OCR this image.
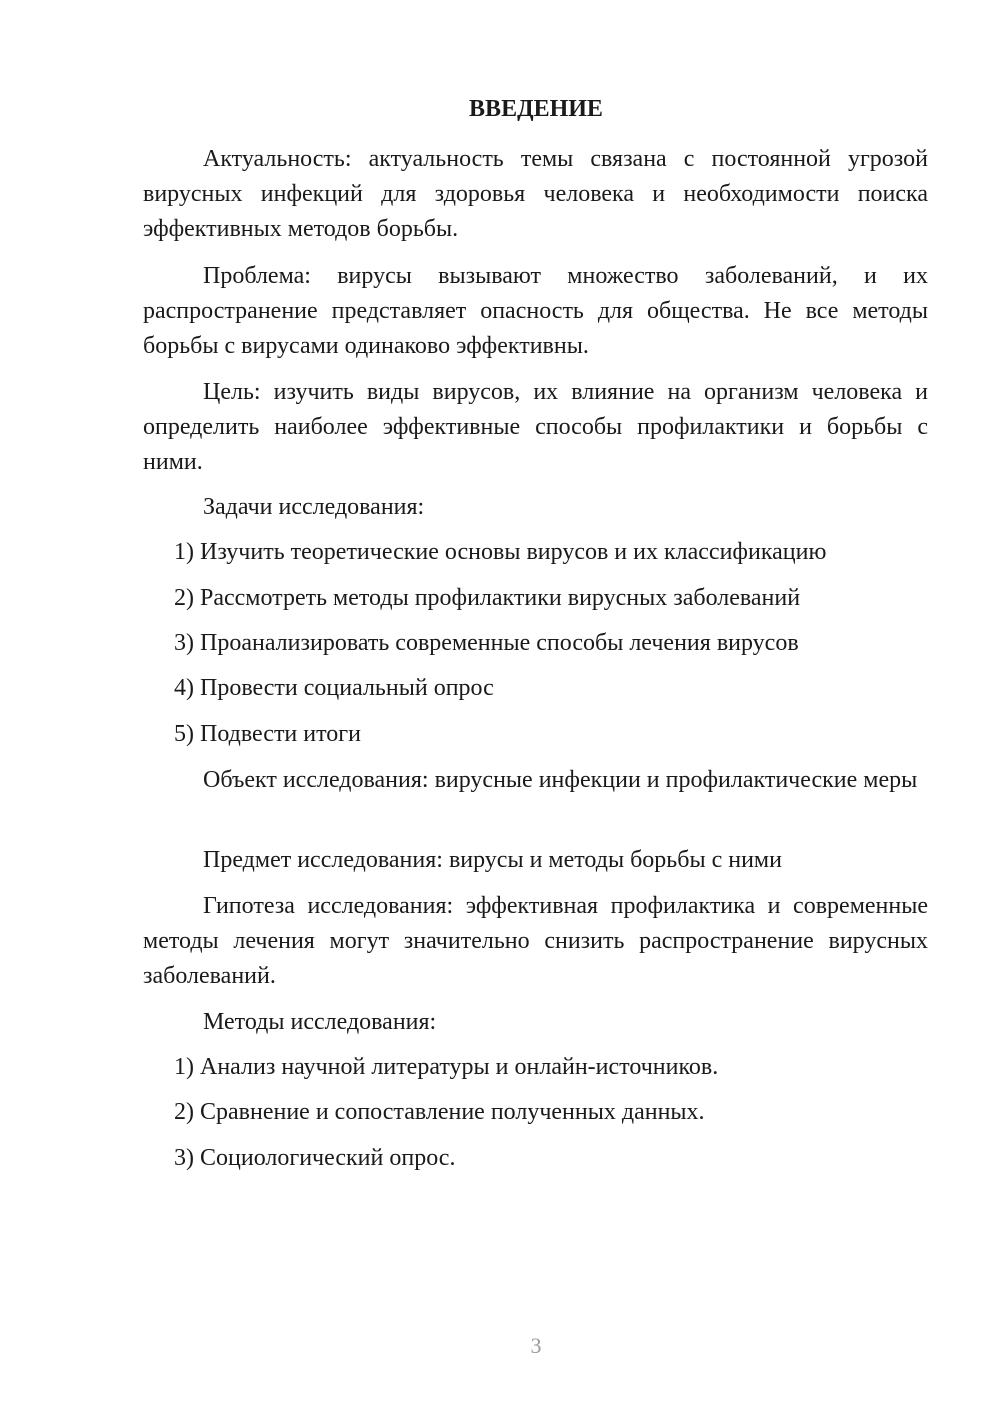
ВВЕДЕНИЕ

Актуальность: актуальность темы связана с постоянной угрозой вирусных инфекций для здоровья человека и необходимости поиска эффективных методов борьбы.

Проблема: вирусы вызывают множество заболеваний, и их распространение представляет опасность для общества. Не все методы борьбы с вирусами одинаково эффективны.

Цель: изучить виды вирусов, их влияние на организм человека и определить наиболее эффективные способы профилактики и борьбы с ними.

Задачи исследования:

1) Изучить теоретические основы вирусов и их классификацию

2) Рассмотреть методы профилактики вирусных заболеваний

3) Проанализировать современные способы лечения вирусов

4) Провести социальный опрос

5) Подвести итоги

Объект исследования: вирусные инфекции и профилактические меры

Предмет исследования: вирусы и методы борьбы с ними

Гипотеза исследования: эффективная профилактика и современные методы лечения могут значительно снизить распространение вирусных заболеваний.

Методы исследования:

1) Анализ научной литературы и онлайн-источников.

2) Сравнение и сопоставление полученных данных.

3) Социологический опрос.

3
